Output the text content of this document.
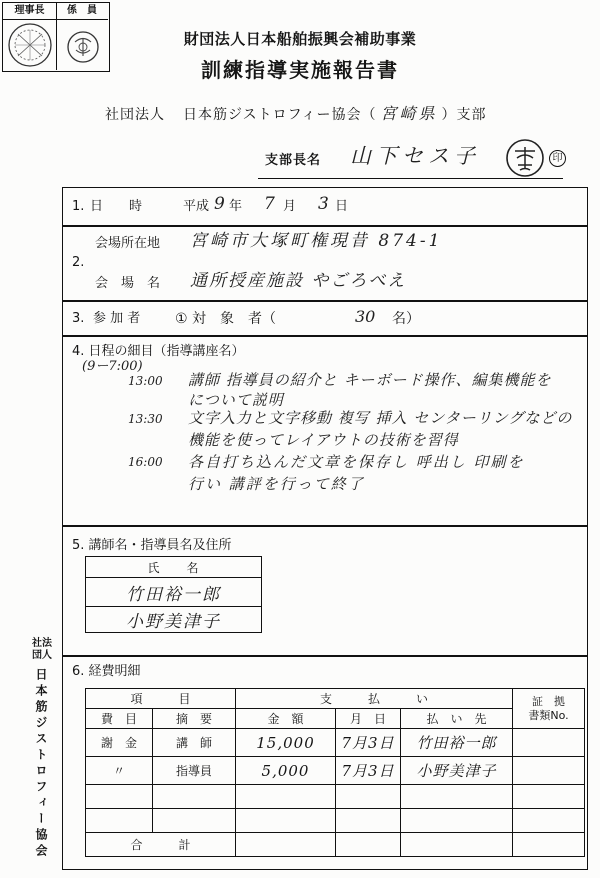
理事長	係　員
財団法人日本船舶振興会補助事業
訓練指導実施報告書
社団法人 日本筋ジストロフィー協会（ 宮崎県 ）支部
支部長名 山下セス子	印
1. 日　　時	平成 9 年 7 月 3 日
2.
会場所在地 宮崎市大塚町権現昔 874-1
会　場　名 通所授産施設 やごろべえ
3. 参 加 者 ① 対　象　者（	30 名）
4. 日程の細目（指導講座名）
(9ー7:00)
13:00 講師 指導員の紹介と キーボード操作、編集機能を
について説明
13:30 文字入力と文字移動 複写 挿入 センターリングなどの
機能を使ってレイアウトの技術を習得
16:00 各自打ち込んだ文章を保存し 呼出し 印刷を
行い 講評を行って終了
5. 講師名・指導員名及住所
氏　　名
竹田裕一郎
小野美津子
6. 経費明細
項　　　目		支　　　払　　　い			証　拠
書類No.

費　目	摘　要	金　額	月　日	払　い　先	
謝　金	講　師	15,000	7月3日	竹田裕一郎	
〃	指導員	5,000	7月3日	小野美津子	

合　　　計					
社法
団人
日本筋ジストロフィー協会
